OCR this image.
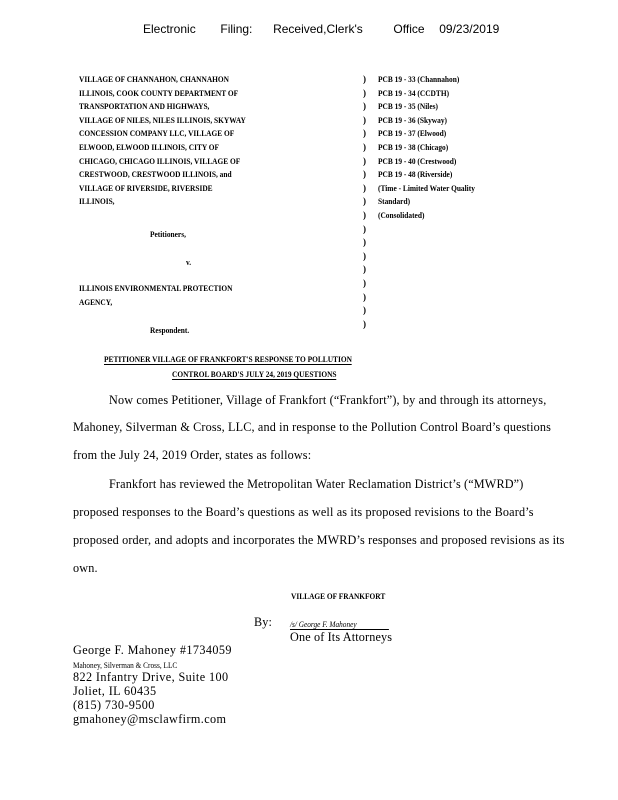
Electronic Filing: Received,Clerk's	Office 09/23/2019
VILLAGE OF CHANNAHON, CHANNAHON
ILLINOIS, COOK COUNTY DEPARTMENT OF
TRANSPORTATION AND HIGHWAYS,
VILLAGE OF NILES, NILES ILLINOIS, SKYWAY
CONCESSION COMPANY LLC, VILLAGE OF
ELWOOD, ELWOOD ILLINOIS, CITY OF
CHICAGO, CHICAGO ILLINOIS, VILLAGE OF
CRESTWOOD, CRESTWOOD ILLINOIS, and
VILLAGE OF RIVERSIDE, RIVERSIDE
ILLINOIS,
Petitioners,
v.
ILLINOIS ENVIRONMENTAL PROTECTION
AGENCY,
Respondent.
)
)
)
)
)
)
)
)
)
)
)
)
)
)
)
)
)
)
)
PCB 19 - 33 (Channahon)
PCB 19 - 34 (CCDTH)
PCB 19 - 35 (Niles)
PCB 19 - 36 (Skyway)
PCB 19 - 37 (Elwood)
PCB 19 - 38 (Chicago)
PCB 19 - 40 (Crestwood)
PCB 19 - 48 (Riverside)
(Time - Limited Water Quality
Standard)
(Consolidated)
PETITIONER VILLAGE OF FRANKFORT'S RESPONSE TO POLLUTION
CONTROL BOARD'S JULY 24, 2019 QUESTIONS
Now comes Petitioner, Village of Frankfort (“Frankfort”), by and through its attorneys,
Mahoney, Silverman & Cross, LLC, and in response to the Pollution Control Board’s questions
from the July 24, 2019 Order, states as follows:
Frankfort has reviewed the Metropolitan Water Reclamation District’s (“MWRD”)
proposed responses to the Board’s questions as well as its proposed revisions to the Board’s
proposed order, and adopts and incorporates the MWRD’s responses and proposed revisions as its
own.
VILLAGE OF FRANKFORT
By: /s/ George F. Mahoney
One of Its Attorneys
George F. Mahoney #1734059
Mahoney, Silverman & Cross, LLC
822 Infantry Drive, Suite 100
Joliet, IL 60435
(815) 730-9500
gmahoney@msclawfirm.com
